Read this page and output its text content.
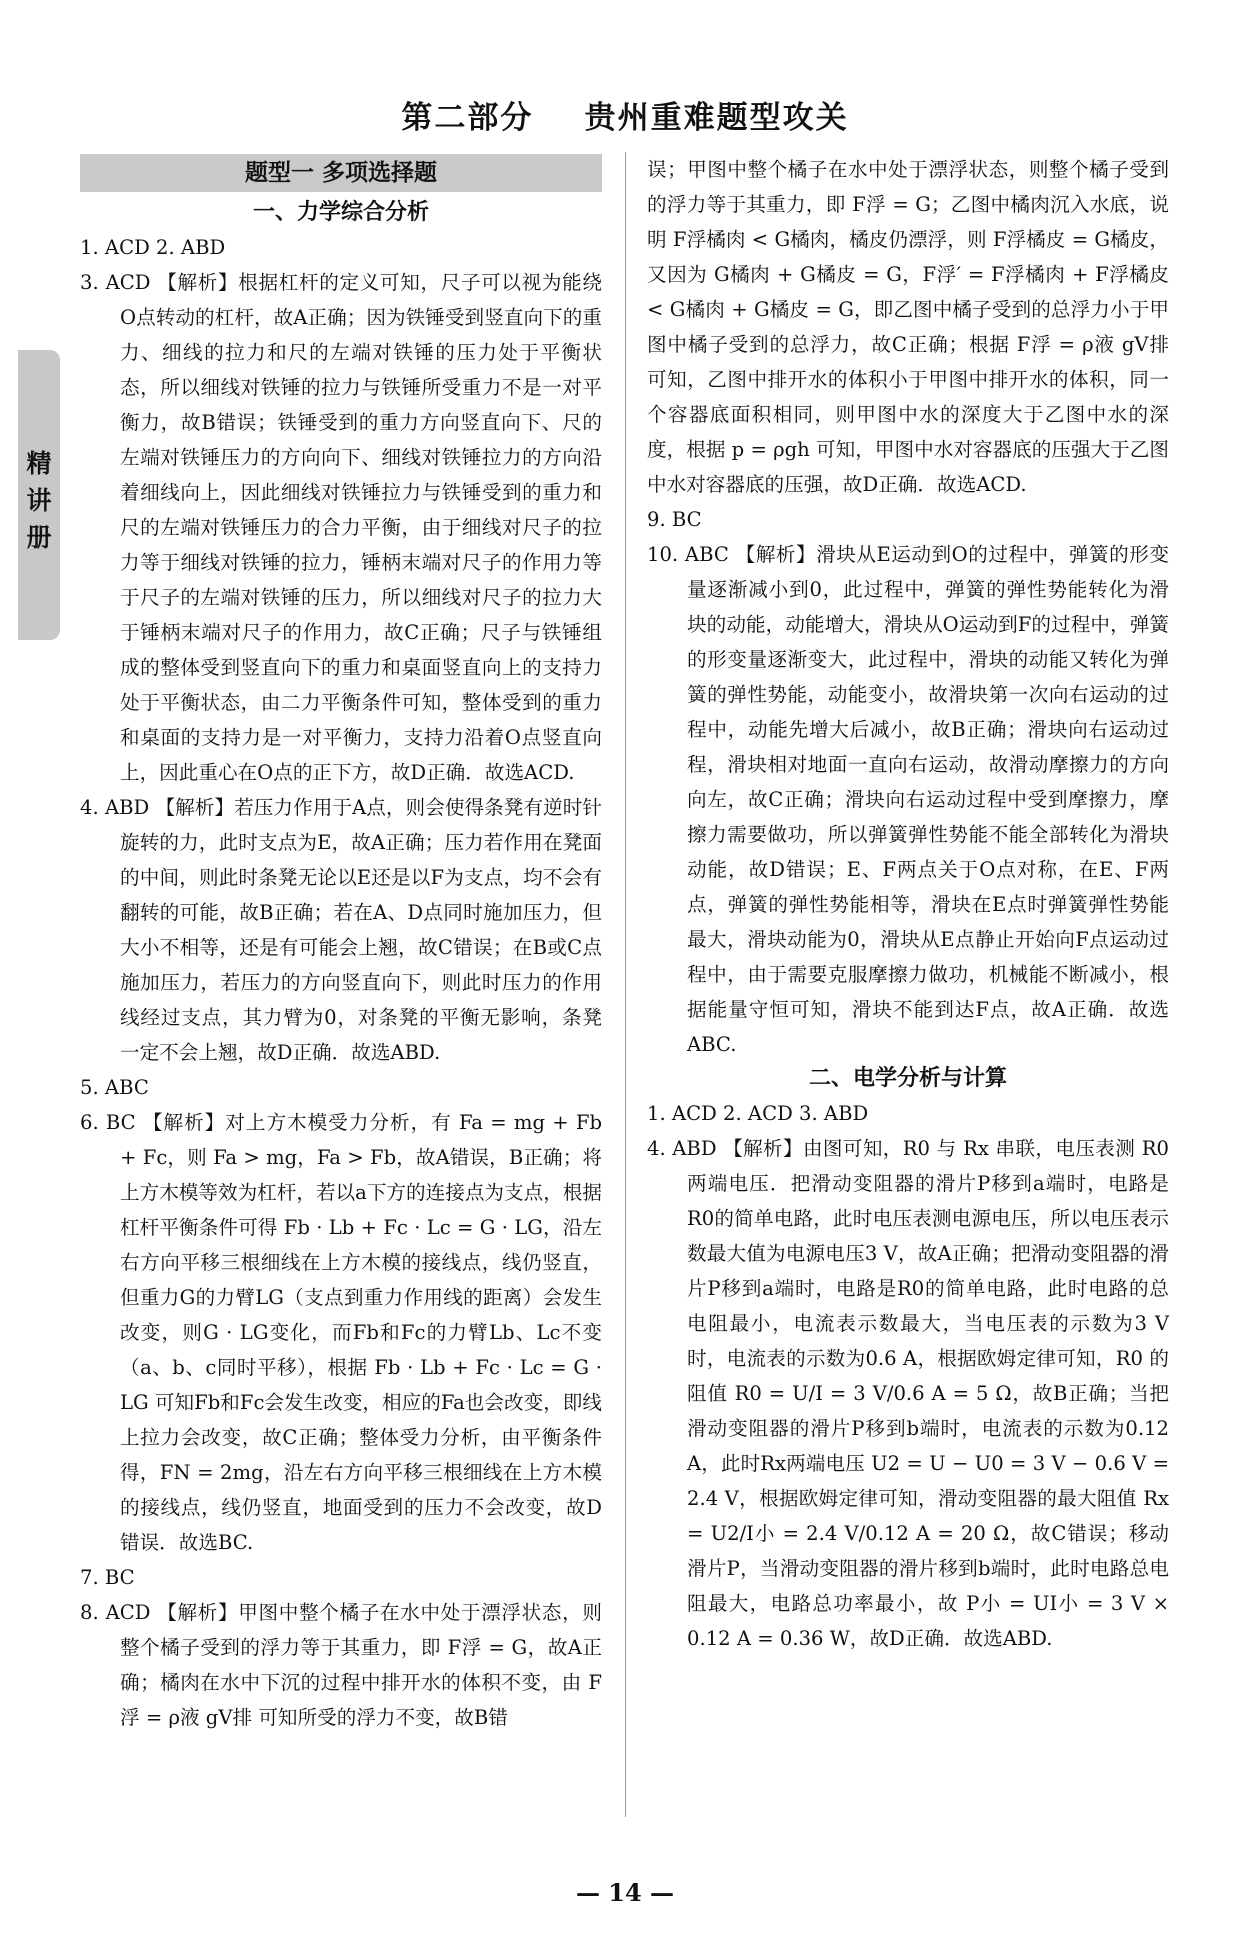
第二部分    贵州重难题型攻关
精讲册
题型一 多项选择题
一、力学综合分析
1. ACD 2. ABD
3. ACD 【解析】根据杠杆的定义可知，尺子可以视为能绕O点转动的杠杆，故A正确；因为铁锤受到竖直向下的重力、细线的拉力和尺的左端对铁锤的压力处于平衡状态，所以细线对铁锤的拉力与铁锤所受重力不是一对平衡力，故B错误；铁锤受到的重力方向竖直向下、尺的左端对铁锤压力的方向向下、细线对铁锤拉力的方向沿着细线向上，因此细线对铁锤拉力与铁锤受到的重力和尺的左端对铁锤压力的合力平衡，由于细线对尺子的拉力等于细线对铁锤的拉力，锤柄末端对尺子的作用力等于尺子的左端对铁锤的压力，所以细线对尺子的拉力大于锤柄末端对尺子的作用力，故C正确；尺子与铁锤组成的整体受到竖直向下的重力和桌面竖直向上的支持力处于平衡状态，由二力平衡条件可知，整体受到的重力和桌面的支持力是一对平衡力，支持力沿着O点竖直向上，因此重心在O点的正下方，故D正确．故选ACD.
4. ABD 【解析】若压力作用于A点，则会使得条凳有逆时针旋转的力，此时支点为E，故A正确；压力若作用在凳面的中间，则此时条凳无论以E还是以F为支点，均不会有翻转的可能，故B正确；若在A、D点同时施加压力，但大小不相等，还是有可能会上翘，故C错误；在B或C点施加压力，若压力的方向竖直向下，则此时压力的作用线经过支点，其力臂为0，对条凳的平衡无影响，条凳一定不会上翘，故D正确．故选ABD.
5. ABC
6. BC 【解析】对上方木模受力分析，有 Fa = mg + Fb + Fc，则 Fa > mg，Fa > Fb，故A错误，B正确；将上方木模等效为杠杆，若以a下方的连接点为支点，根据杠杆平衡条件可得 Fb · Lb + Fc · Lc = G · LG，沿左右方向平移三根细线在上方木模的接线点，线仍竖直，但重力G的力臂LG（支点到重力作用线的距离）会发生改变，则G · LG变化，而Fb和Fc的力臂Lb、Lc不变（a、b、c同时平移），根据 Fb · Lb + Fc · Lc = G · LG 可知Fb和Fc会发生改变，相应的Fa也会改变，即线上拉力会改变，故C正确；整体受力分析，由平衡条件得，FN = 2mg，沿左右方向平移三根细线在上方木模的接线点，线仍竖直，地面受到的压力不会改变，故D错误．故选BC.
7. BC
8. ACD 【解析】甲图中整个橘子在水中处于漂浮状态，则整个橘子受到的浮力等于其重力，即 F浮 = G，故A正确；橘肉在水中下沉的过程中排开水的体积不变，由 F浮 = ρ液 gV排 可知所受的浮力不变，故B错
误；甲图中整个橘子在水中处于漂浮状态，则整个橘子受到的浮力等于其重力，即 F浮 = G；乙图中橘肉沉入水底，说明 F浮橘肉 < G橘肉，橘皮仍漂浮，则 F浮橘皮 = G橘皮，又因为 G橘肉 + G橘皮 = G，F浮′ = F浮橘肉 + F浮橘皮 < G橘肉 + G橘皮 = G，即乙图中橘子受到的总浮力小于甲图中橘子受到的总浮力，故C正确；根据 F浮 = ρ液 gV排 可知，乙图中排开水的体积小于甲图中排开水的体积，同一个容器底面积相同，则甲图中水的深度大于乙图中水的深度，根据 p = ρgh 可知，甲图中水对容器底的压强大于乙图中水对容器底的压强，故D正确．故选ACD.
9. BC
10. ABC 【解析】滑块从E运动到O的过程中，弹簧的形变量逐渐减小到0，此过程中，弹簧的弹性势能转化为滑块的动能，动能增大，滑块从O运动到F的过程中，弹簧的形变量逐渐变大，此过程中，滑块的动能又转化为弹簧的弹性势能，动能变小，故滑块第一次向右运动的过程中，动能先增大后减小，故B正确；滑块向右运动过程，滑块相对地面一直向右运动，故滑动摩擦力的方向向左，故C正确；滑块向右运动过程中受到摩擦力，摩擦力需要做功，所以弹簧弹性势能不能全部转化为滑块动能，故D错误；E、F两点关于O点对称，在E、F两点，弹簧的弹性势能相等，滑块在E点时弹簧弹性势能最大，滑块动能为0，滑块从E点静止开始向F点运动过程中，由于需要克服摩擦力做功，机械能不断减小，根据能量守恒可知，滑块不能到达F点，故A正确．故选ABC.
二、电学分析与计算
1. ACD 2. ACD 3. ABD
4. ABD 【解析】由图可知，R0 与 Rx 串联，电压表测 R0 两端电压．把滑动变阻器的滑片P移到a端时，电路是R0的简单电路，此时电压表测电源电压，所以电压表示数最大值为电源电压3 V，故A正确；把滑动变阻器的滑片P移到a端时，电路是R0的简单电路，此时电路的总电阻最小，电流表示数最大，当电压表的示数为3 V时，电流表的示数为0.6 A，根据欧姆定律可知，R0 的阻值 R0 = U/I = 3 V/0.6 A = 5 Ω，故B正确；当把滑动变阻器的滑片P移到b端时，电流表的示数为0.12 A，此时Rx两端电压 U2 = U − U0 = 3 V − 0.6 V = 2.4 V，根据欧姆定律可知，滑动变阻器的最大阻值 Rx = U2/I小 = 2.4 V/0.12 A = 20 Ω，故C错误；移动滑片P，当滑动变阻器的滑片移到b端时，此时电路总电阻最大，电路总功率最小，故 P小 = UI小 = 3 V × 0.12 A = 0.36 W，故D正确．故选ABD.
— 14 —
